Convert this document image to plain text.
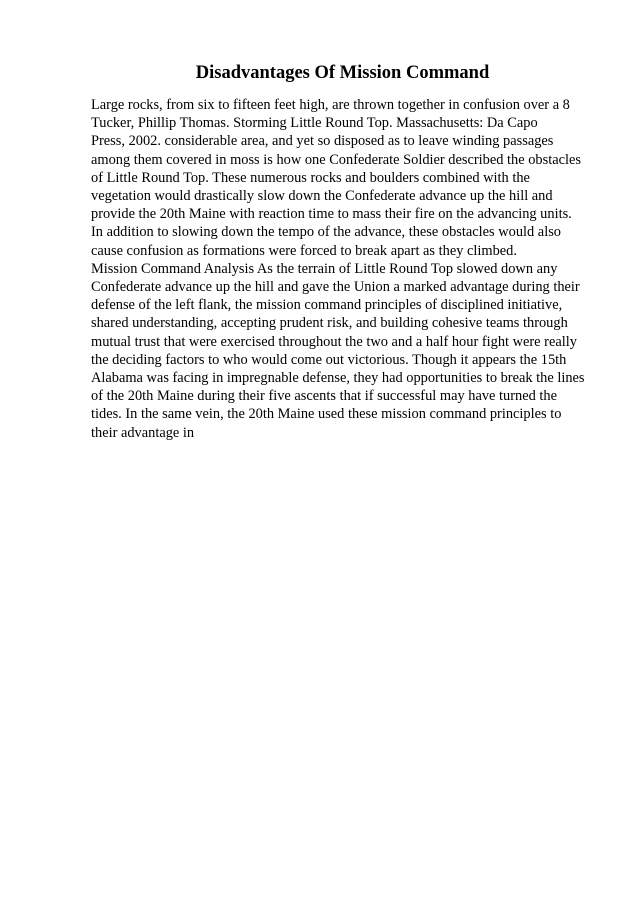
Disadvantages Of Mission Command
Large rocks, from six to fifteen feet high, are thrown together in confusion over a 8
Tucker, Phillip Thomas. Storming Little Round Top. Massachusetts: Da Capo
Press, 2002. considerable area, and yet so disposed as to leave winding passages
among them covered in moss is how one Confederate Soldier described the obstacles
of Little Round Top. These numerous rocks and boulders combined with the
vegetation would drastically slow down the Confederate advance up the hill and
provide the 20th Maine with reaction time to mass their fire on the advancing units.
In addition to slowing down the tempo of the advance, these obstacles would also
cause confusion as formations were forced to break apart as they climbed.
Mission Command Analysis As the terrain of Little Round Top slowed down any
Confederate advance up the hill and gave the Union a marked advantage during their
defense of the left flank, the mission command principles of disciplined initiative,
shared understanding, accepting prudent risk, and building cohesive teams through
mutual trust that were exercised throughout the two and a half hour fight were really
the deciding factors to who would come out victorious. Though it appears the 15th
Alabama was facing in impregnable defense, they had opportunities to break the lines
of the 20th Maine during their five ascents that if successful may have turned the
tides. In the same vein, the 20th Maine used these mission command principles to
their advantage in
